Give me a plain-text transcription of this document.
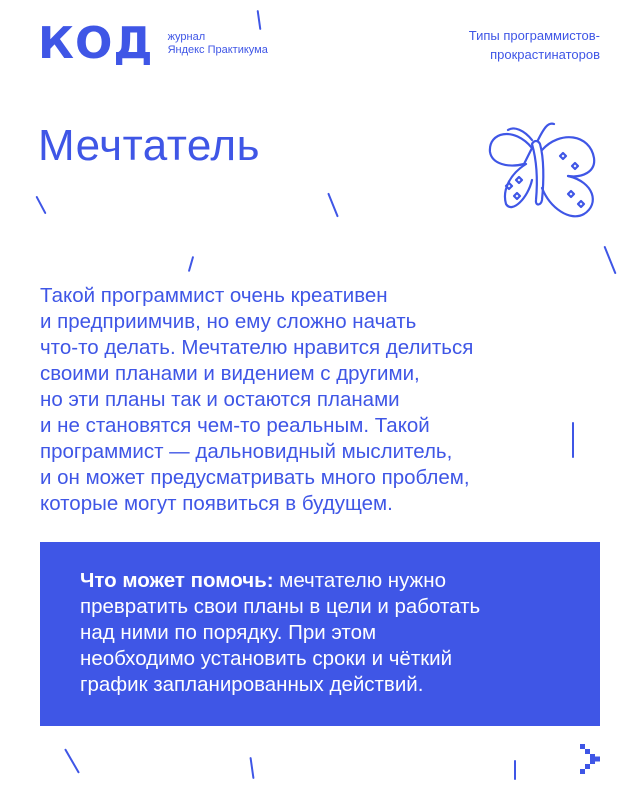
КОД журнал
Яндекс Практикума
Типы программистов-
прокрастинаторов
Мечтатель
Такой программист очень креативен
и предприимчив, но ему сложно начать
что-то делать. Мечтателю нравится делиться
своими планами и видением с другими,
но эти планы так и остаются планами
и не становятся чем-то реальным. Такой
программист — дальновидный мыслитель,
и он может предусматривать много проблем,
которые могут появиться в будущем.
Что может помочь: мечтателю нужно
превратить свои планы в цели и работать
над ними по порядку. При этом
необходимо установить сроки и чёткий
график запланированных действий.
